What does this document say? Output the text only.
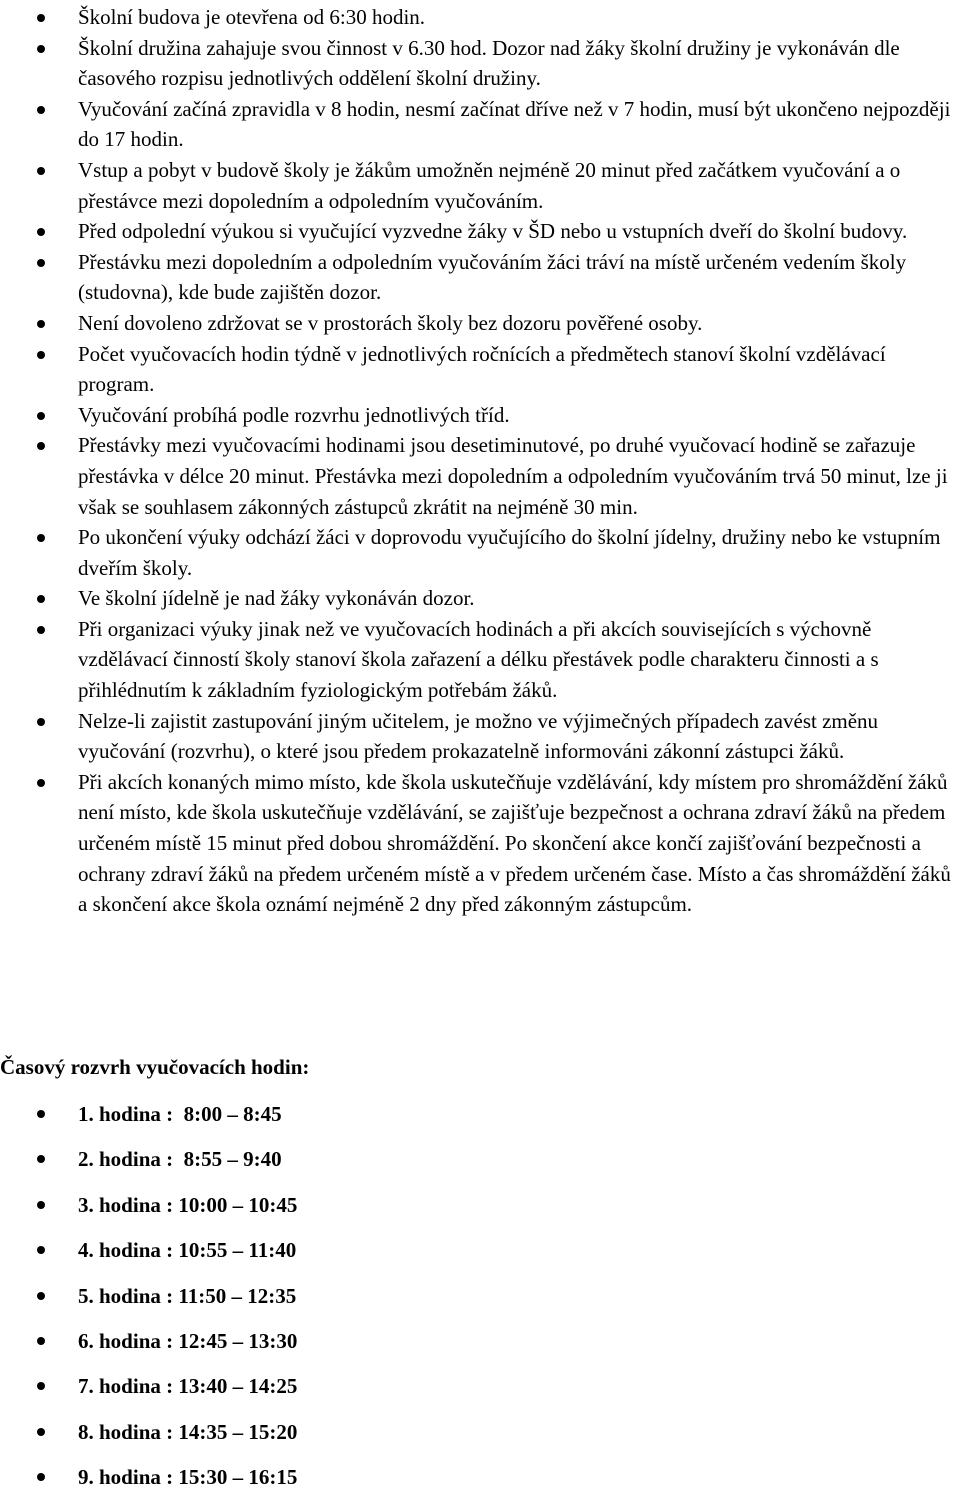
Školní budova je otevřena od 6:30 hodin.
Školní družina zahajuje svou činnost v 6.30 hod. Dozor nad žáky školní družiny je vykonáván dle časového rozpisu jednotlivých oddělení školní družiny.
Vyučování začíná zpravidla v 8 hodin, nesmí začínat dříve než v 7 hodin, musí být ukončeno nejpozději do 17 hodin.
Vstup a pobyt v budově školy je žákům umožněn nejméně 20 minut před začátkem vyučování a o přestávce mezi dopoledním a odpoledním vyučováním.
Před odpolední výukou si vyučující vyzvedne žáky v ŠD nebo u vstupních dveří do školní budovy.
Přestávku mezi dopoledním a odpoledním vyučováním žáci tráví na místě určeném vedením školy (studovna), kde bude zajištěn dozor.
Není dovoleno zdržovat se v prostorách školy bez dozoru pověřené osoby.
Počet vyučovacích hodin týdně v jednotlivých ročnících a předmětech stanoví školní vzdělávací program.
Vyučování probíhá podle rozvrhu jednotlivých tříd.
Přestávky mezi vyučovacími hodinami jsou desetiminutové, po druhé vyučovací hodině se zařazuje přestávka v délce 20 minut. Přestávka mezi dopoledním a odpoledním vyučováním trvá 50 minut, lze ji však se souhlasem zákonných zástupců zkrátit na nejméně 30 min.
Po ukončení výuky odchází žáci v doprovodu vyučujícího do školní jídelny, družiny nebo ke vstupním dveřím školy.
Ve školní jídelně je nad žáky vykonáván dozor.
Při organizaci výuky jinak než ve vyučovacích hodinách a při akcích souvisejících s výchovně vzdělávací činností školy stanoví škola zařazení a délku přestávek podle charakteru činnosti a s přihlédnutím k základním fyziologickým potřebám žáků.
Nelze-li zajistit zastupování jiným učitelem, je možno ve výjimečných případech zavést změnu vyučování (rozvrhu), o které jsou předem prokazatelně informováni zákonní zástupci žáků.
Při akcích konaných mimo místo, kde škola uskutečňuje vzdělávání, kdy místem pro shromáždění žáků není místo, kde škola uskutečňuje vzdělávání, se zajišťuje bezpečnost a ochrana zdraví žáků na předem určeném místě 15 minut před dobou shromáždění. Po skončení akce končí zajišťování bezpečnosti a ochrany zdraví žáků na předem určeném místě a v předem určeném čase. Místo a čas shromáždění žáků a skončení akce škola oznámí nejméně 2 dny před zákonným zástupcům.
Časový rozvrh vyučovacích hodin:
1. hodina :  8:00 – 8:45
2. hodina :  8:55 – 9:40
3. hodina : 10:00 – 10:45
4. hodina : 10:55 – 11:40
5. hodina : 11:50 – 12:35
6. hodina : 12:45 – 13:30
7. hodina : 13:40 – 14:25
8. hodina : 14:35 – 15:20
9. hodina : 15:30 – 16:15
